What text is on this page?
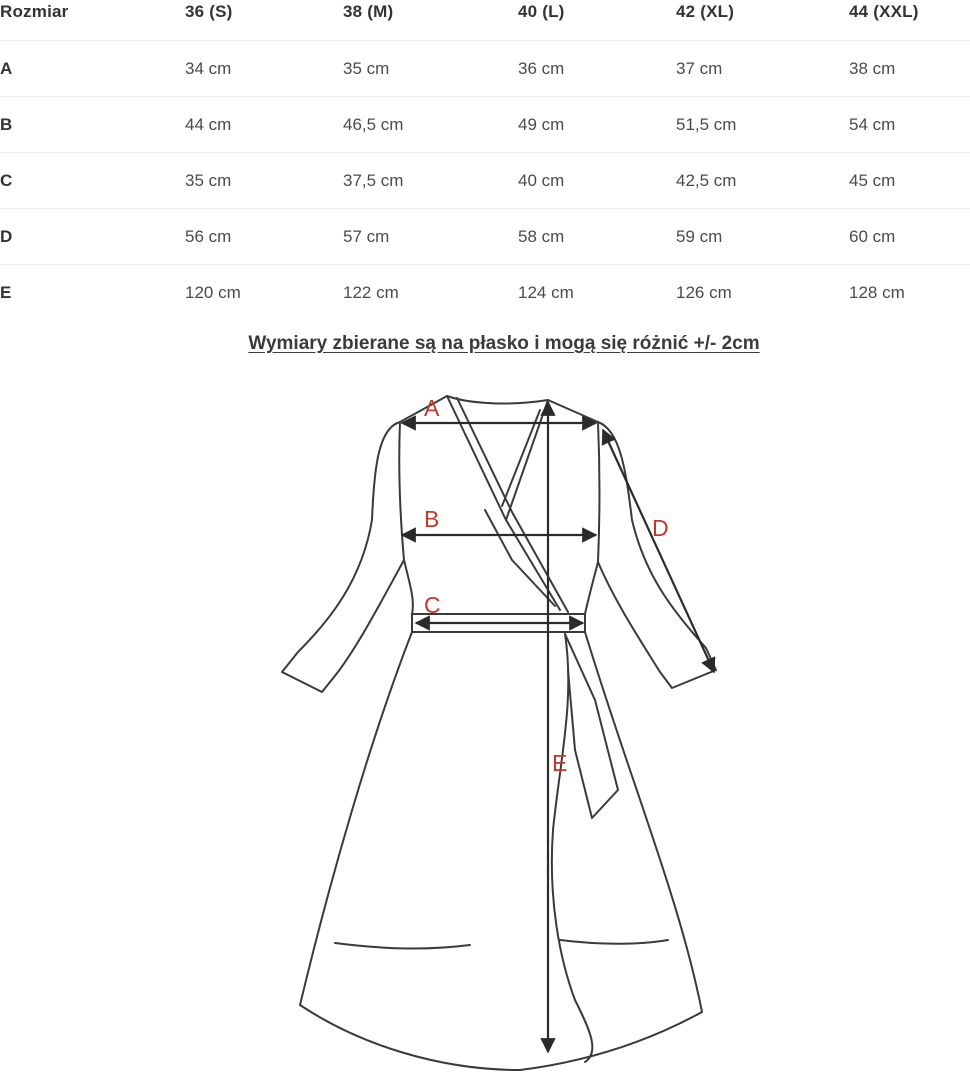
Rozmiar	36 (S)	38 (M)	40 (L)	42 (XL)	44 (XXL)
A	34 cm	35 cm	36 cm	37 cm	38 cm
B	44 cm	46,5 cm	49 cm	51,5 cm	54 cm
C	35 cm	37,5 cm	40 cm	42,5 cm	45 cm
D	56 cm	57 cm	58 cm	59 cm	60 cm
E	120 cm	122 cm	124 cm	126 cm	128 cm
Wymiary zbierane są na płasko i mogą się różnić +/- 2cm
A
B
C
D
E
